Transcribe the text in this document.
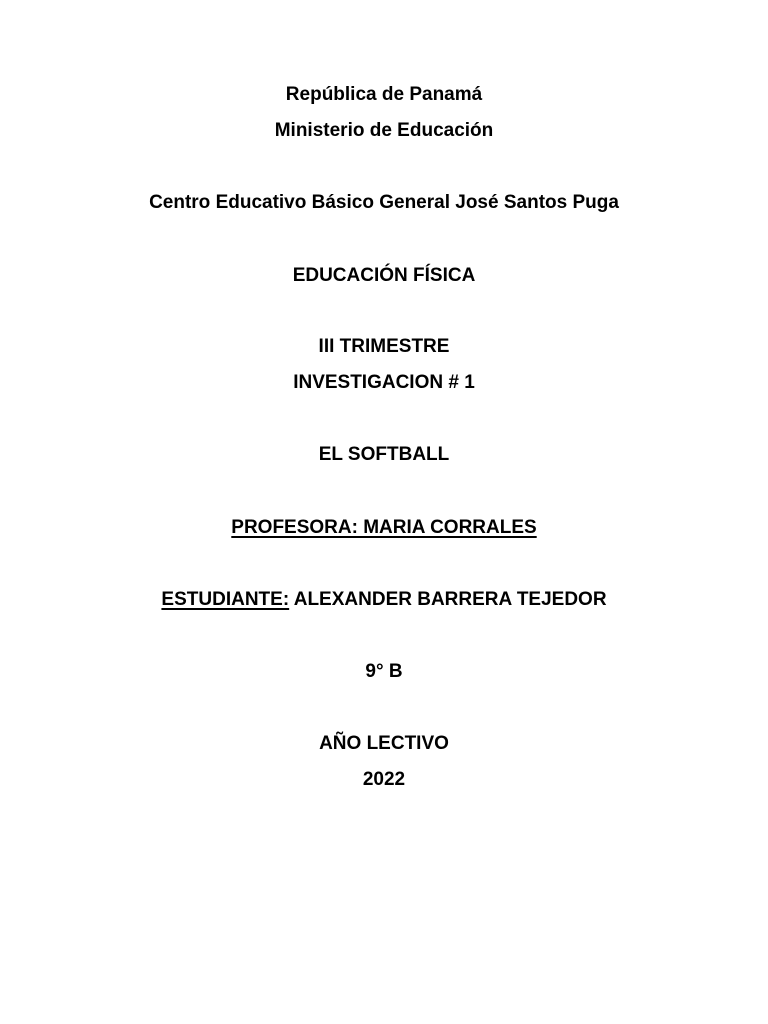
República de Panamá
Ministerio de Educación
Centro Educativo Básico General José Santos Puga
EDUCACIÓN FÍSICA
III TRIMESTRE
INVESTIGACION # 1
EL SOFTBALL
PROFESORA: MARIA CORRALES
ESTUDIANTE: ALEXANDER BARRERA TEJEDOR
9° B
AÑO LECTIVO
2022
